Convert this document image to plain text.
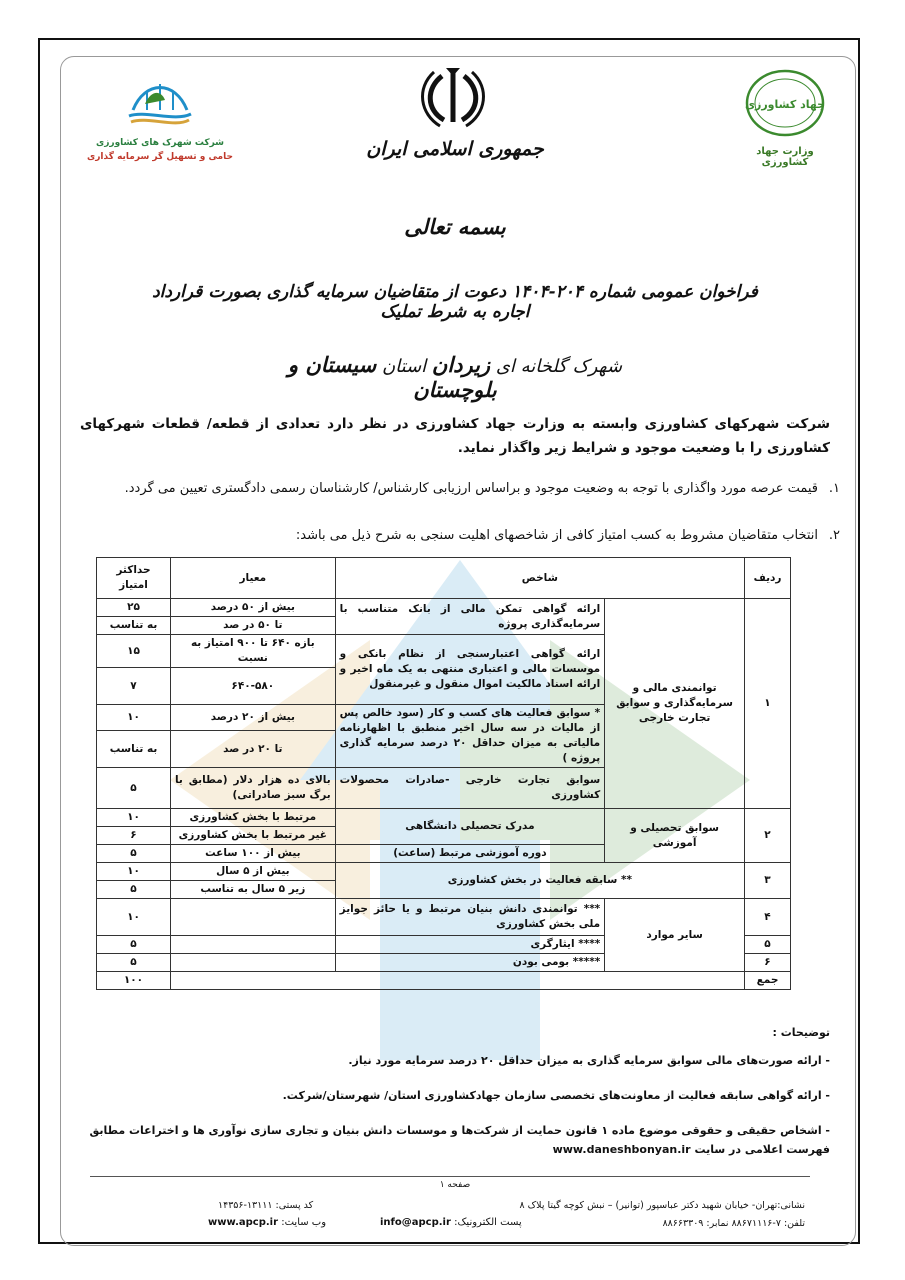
جهاد کشاورزی
وزارت جهاد کشاورزی
جمهوری اسلامی ایران
شرکت شهرک های کشاورزی
حامی و تسهیل گر سرمایه گذاری
بسمه تعالی
فراخوان عمومی شماره ۲۰۴-۱۴۰۴ دعوت از متقاضیان سرمایه گذاری بصورت قرارداد اجاره به شرط تملیک
شهرک گلخانه ای زیردان استان سیستان و بلوچستان
شرکت شهرکهای کشاورزی وابسته به وزارت جهاد کشاورزی در نظر دارد تعدادی از قطعه/ قطعات شهرکهای کشاورزی را با وضعیت موجود و شرایط زیر واگذار نماید.
۱.
قیمت عرصه مورد واگذاری با توجه به وضعیت موجود و براساس ارزیابی کارشناس/ کارشناسان رسمی دادگستری تعیین می گردد.
۲.
انتخاب متقاضیان مشروط به کسب امتیاز کافی از شاخصهای اهلیت سنجی به شرح ذیل می باشد:
ردیف	شاخص		معیار	حداکثر امتیاز
۱	توانمندی مالی و سرمایه‌گذاری و سوابق تجارت خارجی	ارائه گواهی تمکن مالی از بانک متناسب با سرمایه‌گذاری پروژه	بیش از ۵۰ درصد	۲۵
			تا ۵۰ در صد	به تناسب
		ارائه گواهی اعتبارسنجی از نظام بانکی و موسسات مالی و اعتباری منتهی به یک ماه اخیر و ارائه اسناد مالکیت اموال منقول و غیرمنقول	بازه ۶۴۰ تا ۹۰۰ امتیاز به نسبت	۱۵
			۶۴۰-۵۸۰	۷
		* سوابق فعالیت های کسب و کار (سود خالص پس از مالیات در سه سال اخیر منطبق با اظهارنامه مالیاتی به میزان حداقل ۲۰ درصد سرمایه گذاری پروژه )	بیش از ۲۰ درصد	۱۰
			تا ۲۰ در صد	به تناسب
		سوابق تجارت خارجی -صادرات محصولات کشاورزی	بالای ده هزار دلار (مطابق با برگ سبز صادراتی)	۵
۲	سوابق تحصیلی و آموزشی	مدرک تحصیلی دانشگاهی	مرتبط با بخش کشاورزی	۱۰
			غیر مرتبط با بخش کشاورزی	۶
		دوره آموزشی مرتبط (ساعت)	بیش از ۱۰۰ ساعت	۵
۳	** سابقه فعالیت در بخش کشاورزی		بیش از ۵ سال	۱۰
			زیر ۵ سال به تناسب	۵
۴	سایر موارد	*** توانمندی دانش بنیان مرتبط و یا حائز جوایز ملی بخش کشاورزی		۱۰
۵		**** ایثارگری		۵
۶		***** بومی بودن		۵
جمع				۱۰۰
توضیحات :
- ارائه صورت‌های مالی سوابق سرمایه گذاری به میزان حداقل ۲۰ درصد سرمایه مورد نیاز.
- ارائه گواهی سابقه فعالیت از معاونت‌های تخصصی سازمان جهادکشاورزی استان/ شهرستان/شرکت.
- اشخاص حقیقی و حقوقی موضوع ماده ۱ قانون حمایت از شرکت‌ها و موسسات دانش بنیان و تجاری سازی نوآوری ها و اختراعات مطابق فهرست اعلامی در سایت www.daneshbonyan.ir
صفحه ۱
نشانی:تهران- خیابان شهید دکتر عباسپور (توانیر) – نبش کوچه گیتا پلاک ۸
کد پستی: ۱۳۱۱۱-۱۴۳۵۶
تلفن: ۷-۸۸۶۷۱۱۱۶ نمابر: ۸۸۶۶۳۳۰۹
پست الکترونیک: info@apcp.ir
وب سایت: www.apcp.ir
